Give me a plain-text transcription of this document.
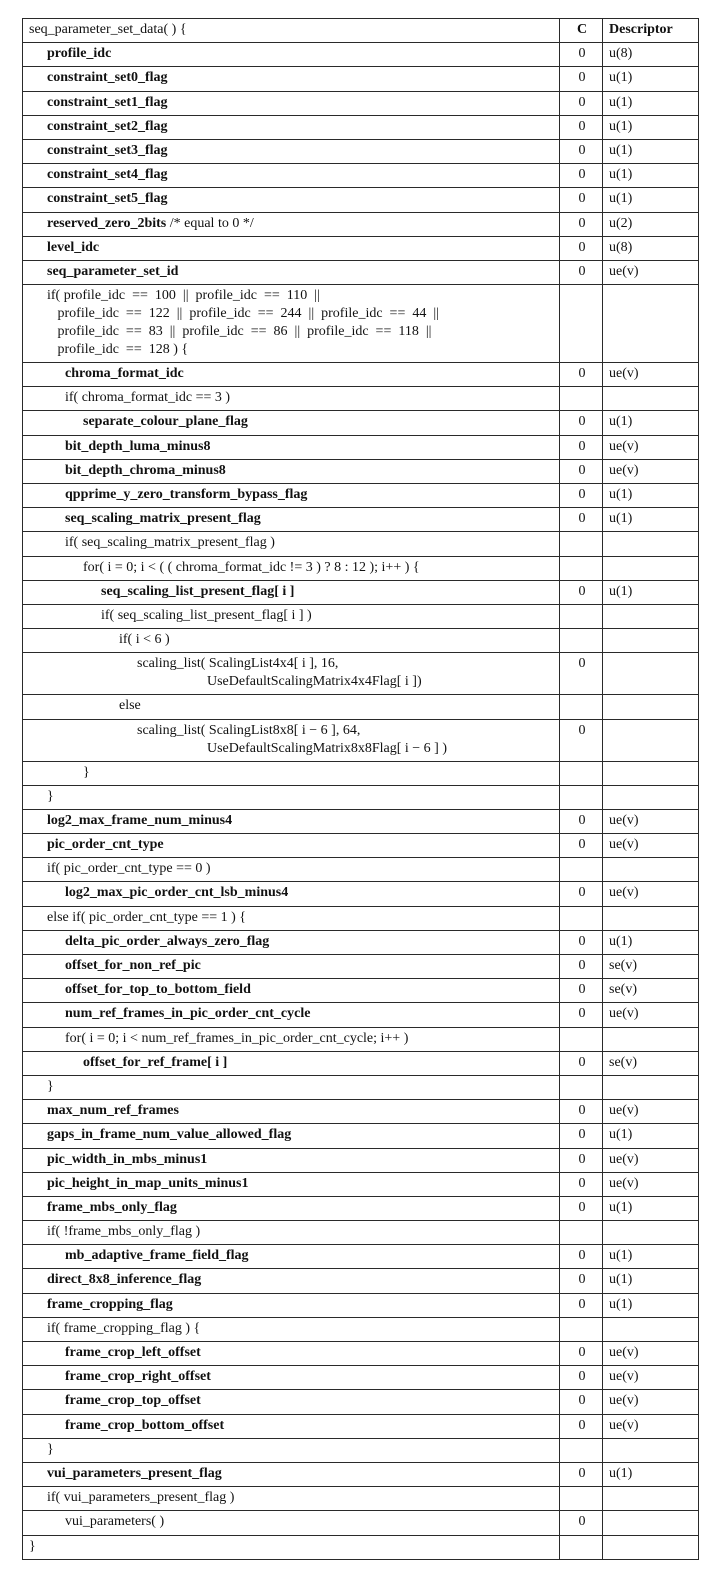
seq_parameter_set_data( ) {	C	Descriptor
profile_idc	0	u(8)
constraint_set0_flag	0	u(1)
constraint_set1_flag	0	u(1)
constraint_set2_flag	0	u(1)
constraint_set3_flag	0	u(1)
constraint_set4_flag	0	u(1)
constraint_set5_flag	0	u(1)
reserved_zero_2bits /* equal to 0 */	0	u(2)
level_idc	0	u(8)
seq_parameter_set_id	0	ue(v)
if( profile_idc  ==  100  ||  profile_idc  ==  110  ||
profile_idc  ==  122  ||  profile_idc  ==  244  ||  profile_idc  ==  44  ||
profile_idc  ==  83  ||  profile_idc  ==  86  ||  profile_idc  ==  118  ||
profile_idc  ==  128 ) {		
chroma_format_idc	0	ue(v)
if( chroma_format_idc == 3 )		
separate_colour_plane_flag	0	u(1)
bit_depth_luma_minus8	0	ue(v)
bit_depth_chroma_minus8	0	ue(v)
qpprime_y_zero_transform_bypass_flag	0	u(1)
seq_scaling_matrix_present_flag	0	u(1)
if( seq_scaling_matrix_present_flag )		
for( i = 0; i < ( ( chroma_format_idc != 3 ) ? 8 : 12 ); i++ ) {		
seq_scaling_list_present_flag[ i ]	0	u(1)
if( seq_scaling_list_present_flag[ i ] )		
if( i < 6 )		
scaling_list( ScalingList4x4[ i ], 16,
UseDefaultScalingMatrix4x4Flag[ i ])	0	
else		
scaling_list( ScalingList8x8[ i − 6 ], 64,
UseDefaultScalingMatrix8x8Flag[ i − 6 ] )	0	
}		
}		
log2_max_frame_num_minus4	0	ue(v)
pic_order_cnt_type	0	ue(v)
if( pic_order_cnt_type == 0 )		
log2_max_pic_order_cnt_lsb_minus4	0	ue(v)
else if( pic_order_cnt_type == 1 ) {		
delta_pic_order_always_zero_flag	0	u(1)
offset_for_non_ref_pic	0	se(v)
offset_for_top_to_bottom_field	0	se(v)
num_ref_frames_in_pic_order_cnt_cycle	0	ue(v)
for( i = 0; i < num_ref_frames_in_pic_order_cnt_cycle; i++ )		
offset_for_ref_frame[ i ]	0	se(v)
}		
max_num_ref_frames	0	ue(v)
gaps_in_frame_num_value_allowed_flag	0	u(1)
pic_width_in_mbs_minus1	0	ue(v)
pic_height_in_map_units_minus1	0	ue(v)
frame_mbs_only_flag	0	u(1)
if( !frame_mbs_only_flag )		
mb_adaptive_frame_field_flag	0	u(1)
direct_8x8_inference_flag	0	u(1)
frame_cropping_flag	0	u(1)
if( frame_cropping_flag ) {		
frame_crop_left_offset	0	ue(v)
frame_crop_right_offset	0	ue(v)
frame_crop_top_offset	0	ue(v)
frame_crop_bottom_offset	0	ue(v)
}		
vui_parameters_present_flag	0	u(1)
if( vui_parameters_present_flag )		
vui_parameters( )	0	
}		
